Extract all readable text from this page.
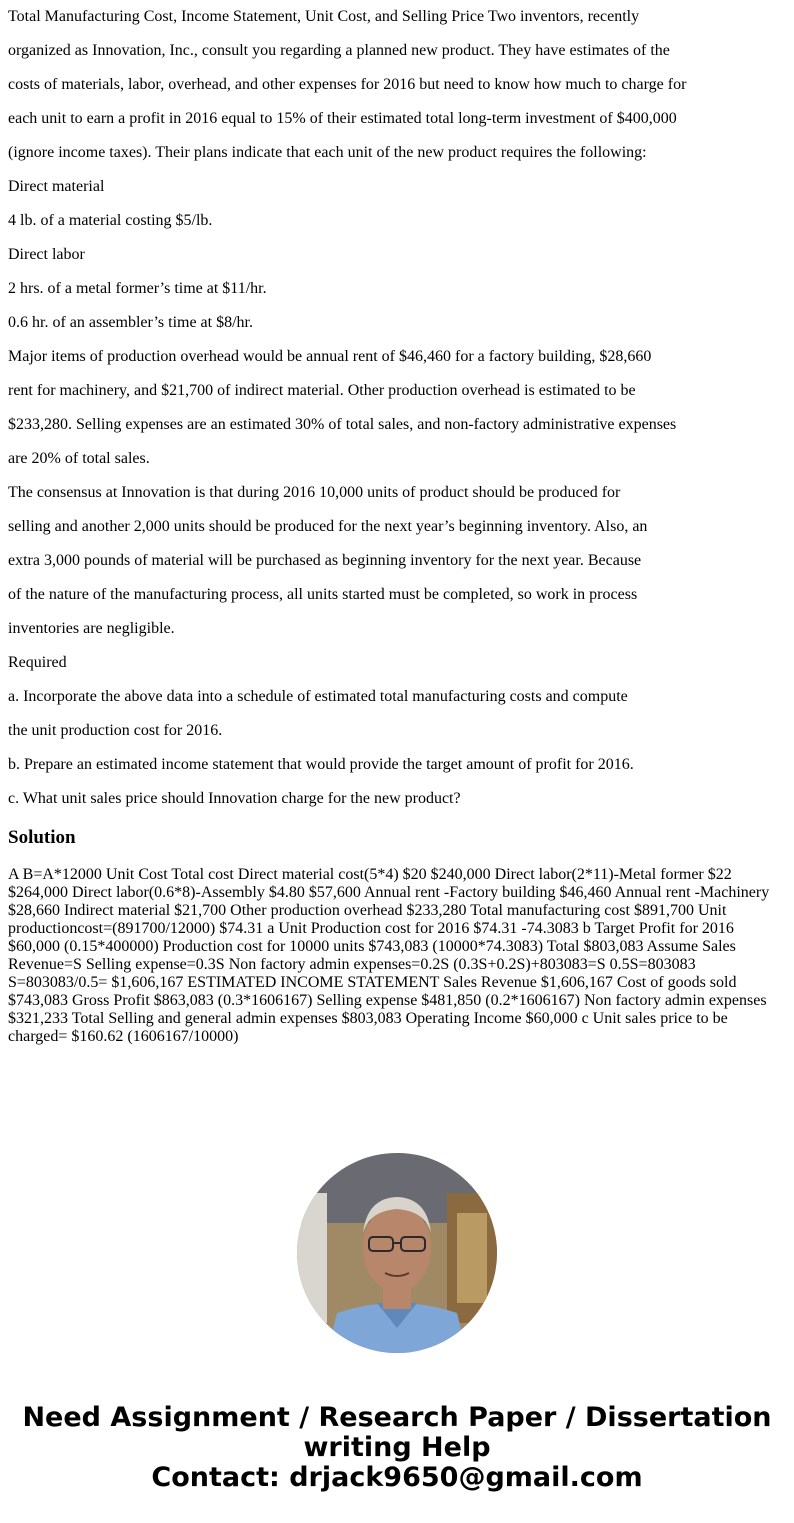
Total Manufacturing Cost, Income Statement, Unit Cost, and Selling Price Two inventors, recently

organized as Innovation, Inc., consult you regarding a planned new product. They have estimates of the

costs of materials, labor, overhead, and other expenses for 2016 but need to know how much to charge for

each unit to earn a profit in 2016 equal to 15% of their estimated total long-term investment of $400,000

(ignore income taxes). Their plans indicate that each unit of the new product requires the following:

Direct material

4 lb. of a material costing $5/lb.

Direct labor

2 hrs. of a metal former’s time at $11/hr.

0.6 hr. of an assembler’s time at $8/hr.

Major items of production overhead would be annual rent of $46,460 for a factory building, $28,660

rent for machinery, and $21,700 of indirect material. Other production overhead is estimated to be

$233,280. Selling expenses are an estimated 30% of total sales, and non-factory administrative expenses

are 20% of total sales.

The consensus at Innovation is that during 2016 10,000 units of product should be produced for

selling and another 2,000 units should be produced for the next year’s beginning inventory. Also, an

extra 3,000 pounds of material will be purchased as beginning inventory for the next year. Because

of the nature of the manufacturing process, all units started must be completed, so work in process

inventories are negligible.

Required

a. Incorporate the above data into a schedule of estimated total manufacturing costs and compute

the unit production cost for 2016.

b. Prepare an estimated income statement that would provide the target amount of profit for 2016.

c. What unit sales price should Innovation charge for the new product?

Solution

A B=A*12000 Unit Cost Total cost Direct material cost(5*4) $20 $240,000 Direct labor(2*11)-Metal former $22 $264,000 Direct labor(0.6*8)-Assembly $4.80 $57,600 Annual rent -Factory building $46,460 Annual rent -Machinery $28,660 Indirect material $21,700 Other production overhead $233,280 Total manufacturing cost $891,700 Unit productioncost=(891700/12000) $74.31 a Unit Production cost for 2016 $74.31 -74.3083 b Target Profit for 2016 $60,000 (0.15*400000) Production cost for 10000 units $743,083 (10000*74.3083) Total $803,083 Assume Sales Revenue=S Selling expense=0.3S Non factory admin expenses=0.2S (0.3S+0.2S)+803083=S 0.5S=803083 S=803083/0.5= $1,606,167 ESTIMATED INCOME STATEMENT Sales Revenue $1,606,167 Cost of goods sold $743,083 Gross Profit $863,083 (0.3*1606167) Selling expense $481,850 (0.2*1606167) Non factory admin expenses $321,233 Total Selling and general admin expenses $803,083 Operating Income $60,000 c Unit sales price to be charged= $160.62 (1606167/10000)

Need Assignment / Research Paper / Dissertation
writing Help
Contact: drjack9650@gmail.com
